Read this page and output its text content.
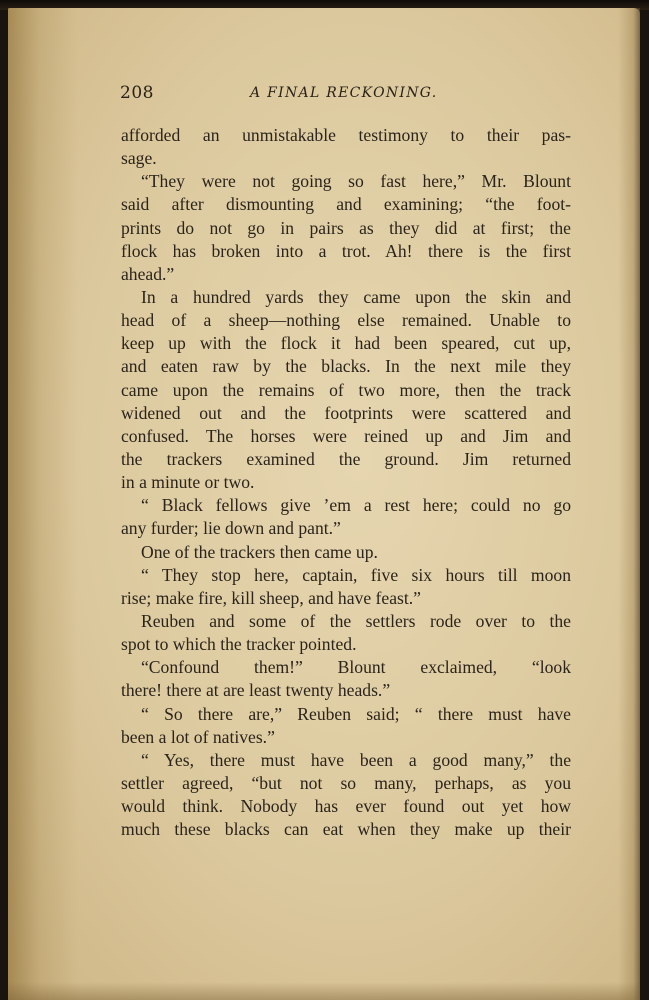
208	A FINAL RECKONING.
afforded an unmistakable testimony to their pas-
sage.
“They were not going so fast here,” Mr. Blount
said after dismounting and examining; “the foot-
prints do not go in pairs as they did at first; the
flock has broken into a trot. Ah! there is the first
ahead.”
In a hundred yards they came upon the skin and
head of a sheep—nothing else remained. Unable to
keep up with the flock it had been speared, cut up,
and eaten raw by the blacks. In the next mile they
came upon the remains of two more, then the track
widened out and the footprints were scattered and
confused. The horses were reined up and Jim and
the trackers examined the ground. Jim returned
in a minute or two.
“ Black fellows give ’em a rest here; could no go
any furder; lie down and pant.”
One of the trackers then came up.
“ They stop here, captain, five six hours till moon
rise; make fire, kill sheep, and have feast.”
Reuben and some of the settlers rode over to the
spot to which the tracker pointed.
“Confound them!” Blount exclaimed, “look
there! there at are least twenty heads.”
“ So there are,” Reuben said; “ there must have
been a lot of natives.”
“ Yes, there must have been a good many,” the
settler agreed, “but not so many, perhaps, as you
would think. Nobody has ever found out yet how
much these blacks can eat when they make up their
